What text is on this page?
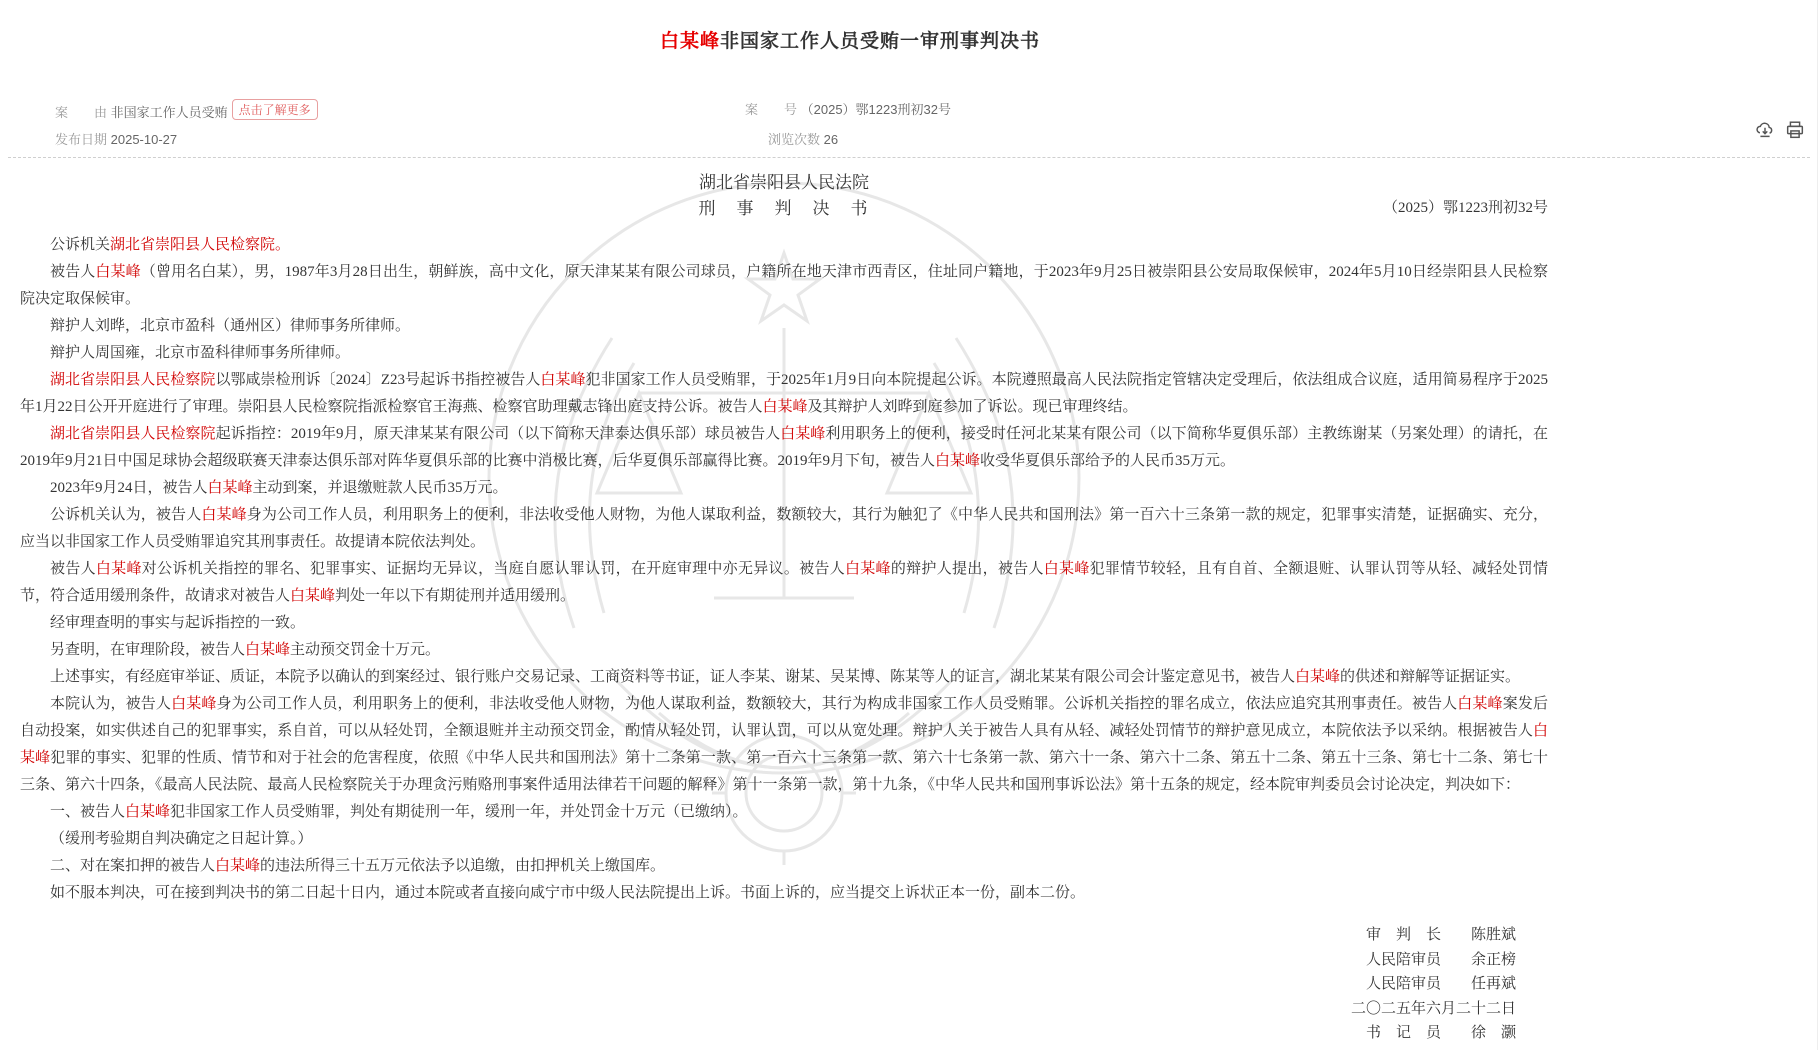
白某峰非国家工作人员受贿一审刑事判决书
案　　由 非国家工作人员受贿 点击了解更多	案　　号 （2025）鄂1223刑初32号
发布日期 2025-10-27	浏览次数 26
湖北省崇阳县人民法院
刑　事　判　决　书	（2025）鄂1223刑初32号

公诉机关湖北省崇阳县人民检察院。

被告人白某峰（曾用名白某），男，1987年3月28日出生，朝鲜族，高中文化，原天津某某有限公司球员，户籍所在地天津市西青区，住址同户籍地，于2023年9月25日被崇阳县公安局取保候审，2024年5月10日经崇阳县人民检察院决定取保候审。

辩护人刘晔，北京市盈科（通州区）律师事务所律师。

辩护人周国雍，北京市盈科律师事务所律师。

湖北省崇阳县人民检察院以鄂咸崇检刑诉〔2024〕Z23号起诉书指控被告人白某峰犯非国家工作人员受贿罪，于2025年1月9日向本院提起公诉。本院遵照最高人民法院指定管辖决定受理后，依法组成合议庭，适用简易程序于2025年1月22日公开开庭进行了审理。崇阳县人民检察院指派检察官王海燕、检察官助理戴志锋出庭支持公诉。被告人白某峰及其辩护人刘晔到庭参加了诉讼。现已审理终结。

湖北省崇阳县人民检察院起诉指控：2019年9月，原天津某某有限公司（以下简称天津泰达俱乐部）球员被告人白某峰利用职务上的便利，接受时任河北某某有限公司（以下简称华夏俱乐部）主教练谢某（另案处理）的请托，在2019年9月21日中国足球协会超级联赛天津泰达俱乐部对阵华夏俱乐部的比赛中消极比赛，后华夏俱乐部赢得比赛。2019年9月下旬，被告人白某峰收受华夏俱乐部给予的人民币35万元。

2023年9月24日，被告人白某峰主动到案，并退缴赃款人民币35万元。

公诉机关认为，被告人白某峰身为公司工作人员，利用职务上的便利，非法收受他人财物，为他人谋取利益，数额较大，其行为触犯了《中华人民共和国刑法》第一百六十三条第一款的规定，犯罪事实清楚，证据确实、充分，应当以非国家工作人员受贿罪追究其刑事责任。故提请本院依法判处。

被告人白某峰对公诉机关指控的罪名、犯罪事实、证据均无异议，当庭自愿认罪认罚，在开庭审理中亦无异议。被告人白某峰的辩护人提出，被告人白某峰犯罪情节较轻，且有自首、全额退赃、认罪认罚等从轻、减轻处罚情节，符合适用缓刑条件，故请求对被告人白某峰判处一年以下有期徒刑并适用缓刑。

经审理查明的事实与起诉指控的一致。

另查明，在审理阶段，被告人白某峰主动预交罚金十万元。

上述事实，有经庭审举证、质证，本院予以确认的到案经过、银行账户交易记录、工商资料等书证，证人李某、谢某、吴某博、陈某等人的证言，湖北某某有限公司会计鉴定意见书，被告人白某峰的供述和辩解等证据证实。

本院认为，被告人白某峰身为公司工作人员，利用职务上的便利，非法收受他人财物，为他人谋取利益，数额较大，其行为构成非国家工作人员受贿罪。公诉机关指控的罪名成立，依法应追究其刑事责任。被告人白某峰案发后自动投案，如实供述自己的犯罪事实，系自首，可以从轻处罚，全额退赃并主动预交罚金，酌情从轻处罚，认罪认罚，可以从宽处理。辩护人关于被告人具有从轻、减轻处罚情节的辩护意见成立，本院依法予以采纳。根据被告人白某峰犯罪的事实、犯罪的性质、情节和对于社会的危害程度，依照《中华人民共和国刑法》第十二条第一款、第一百六十三条第一款、第六十七条第一款、第六十一条、第六十二条、第五十二条、第五十三条、第七十二条、第七十三条、第六十四条，《最高人民法院、最高人民检察院关于办理贪污贿赂刑事案件适用法律若干问题的解释》第十一条第一款，第十九条，《中华人民共和国刑事诉讼法》第十五条的规定，经本院审判委员会讨论决定，判决如下：

一、被告人白某峰犯非国家工作人员受贿罪，判处有期徒刑一年，缓刑一年，并处罚金十万元（已缴纳）。

（缓刑考验期自判决确定之日起计算。）

二、对在案扣押的被告人白某峰的违法所得三十五万元依法予以追缴，由扣押机关上缴国库。

如不服本判决，可在接到判决书的第二日起十日内，通过本院或者直接向咸宁市中级人民法院提出上诉。书面上诉的，应当提交上诉状正本一份，副本二份。

审　判　长　　陈胜斌
人民陪审员　　余正榜
人民陪审员　　任再斌
二〇二五年六月二十二日
书　记　员　　徐　灏
